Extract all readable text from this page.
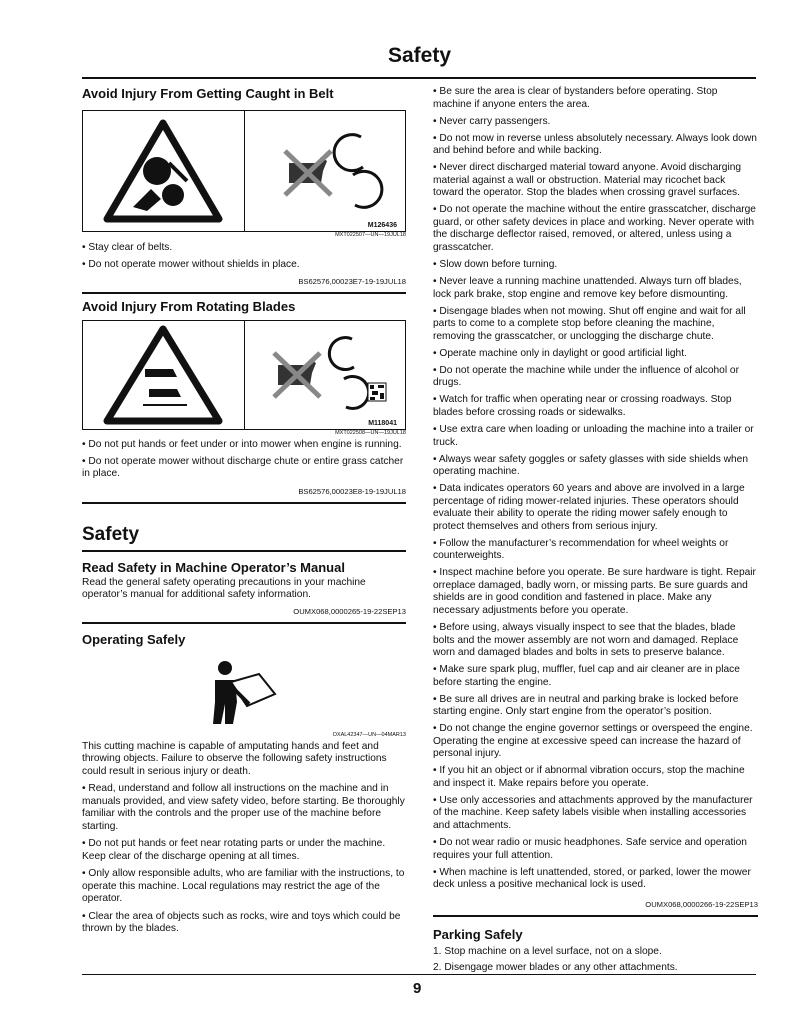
Safety
Avoid Injury From Getting Caught in Belt
M126436
MXT022507—UN—19JUL18

• Stay clear of belts.

• Do not operate mower without shields in place.

BS62576,00023E7-19-19JUL18
Avoid Injury From Rotating Blades
M118041
MXT022508—UN—19JUL18

• Do not put hands or feet under or into mower when engine is running.

• Do not operate mower without discharge chute or entire grass catcher in place.

BS62576,00023E8-19-19JUL18
Safety
Read Safety in Machine Operator’s Manual

Read the general safety operating precautions in your machine operator’s manual for additional safety information.

OUMX068,0000265-19-22SEP13
Operating Safely
OXAL42347—UN—04MAR13

This cutting machine is capable of amputating hands and feet and throwing objects. Failure to observe the following safety instructions could result in serious injury or death.

• Read, understand and follow all instructions on the machine and in manuals provided, and view safety video, before starting. Be thoroughly familiar with the controls and the proper use of the machine before starting.

• Do not put hands or feet near rotating parts or under the machine. Keep clear of the discharge opening at all times.

• Only allow responsible adults, who are familiar with the instructions, to operate this machine. Local regulations may restrict the age of the operator.

• Clear the area of objects such as rocks, wire and toys which could be thrown by the blades.

• Be sure the area is clear of bystanders before operating. Stop machine if anyone enters the area.

• Never carry passengers.

• Do not mow in reverse unless absolutely necessary. Always look down and behind before and while backing.

• Never direct discharged material toward anyone. Avoid discharging material against a wall or obstruction. Material may ricochet back toward the operator. Stop the blades when crossing gravel surfaces.

• Do not operate the machine without the entire grasscatcher, discharge guard, or other safety devices in place and working. Never operate with the discharge deflector raised, removed, or altered, unless using a grasscatcher.

• Slow down before turning.

• Never leave a running machine unattended. Always turn off blades, lock park brake, stop engine and remove key before dismounting.

• Disengage blades when not mowing. Shut off engine and wait for all parts to come to a complete stop before cleaning the machine, removing the grasscatcher, or unclogging the discharge chute.

• Operate machine only in daylight or good artificial light.

• Do not operate the machine while under the influence of alcohol or drugs.

• Watch for traffic when operating near or crossing roadways. Stop blades before crossing roads or sidewalks.

• Use extra care when loading or unloading the machine into a trailer or truck.

• Always wear safety goggles or safety glasses with side shields when operating machine.

• Data indicates operators 60 years and above are involved in a large percentage of riding mower-related injuries. These operators should evaluate their ability to operate the riding mower safely enough to protect themselves and others from serious injury.

• Follow the manufacturer’s recommendation for wheel weights or counterweights.

• Inspect machine before you operate. Be sure hardware is tight. Repair orreplace damaged, badly worn, or missing parts. Be sure guards and shields are in good condition and fastened in place. Make any necessary adjustments before you operate.

• Before using, always visually inspect to see that the blades, blade bolts and the mower assembly are not worn and damaged. Replace worn and damaged blades and bolts in sets to preserve balance.

• Make sure spark plug, muffler, fuel cap and air cleaner are in place before starting the engine.

• Be sure all drives are in neutral and parking brake is locked before starting engine. Only start engine from the operator’s position.

• Do not change the engine governor settings or overspeed the engine. Operating the engine at excessive speed can increase the hazard of personal injury.

• If you hit an object or if abnormal vibration occurs, stop the machine and inspect it. Make repairs before you operate.

• Use only accessories and attachments approved by the manufacturer of the machine. Keep safety labels visible when installing accessories and attachments.

• Do not wear radio or music headphones. Safe service and operation requires your full attention.

• When machine is left unattended, stored, or parked, lower the mower deck unless a positive mechanical lock is used.

OUMX068,0000266-19-22SEP13
Parking Safely

1. Stop machine on a level surface, not on a slope.

2. Disengage mower blades or any other attachments.

9
